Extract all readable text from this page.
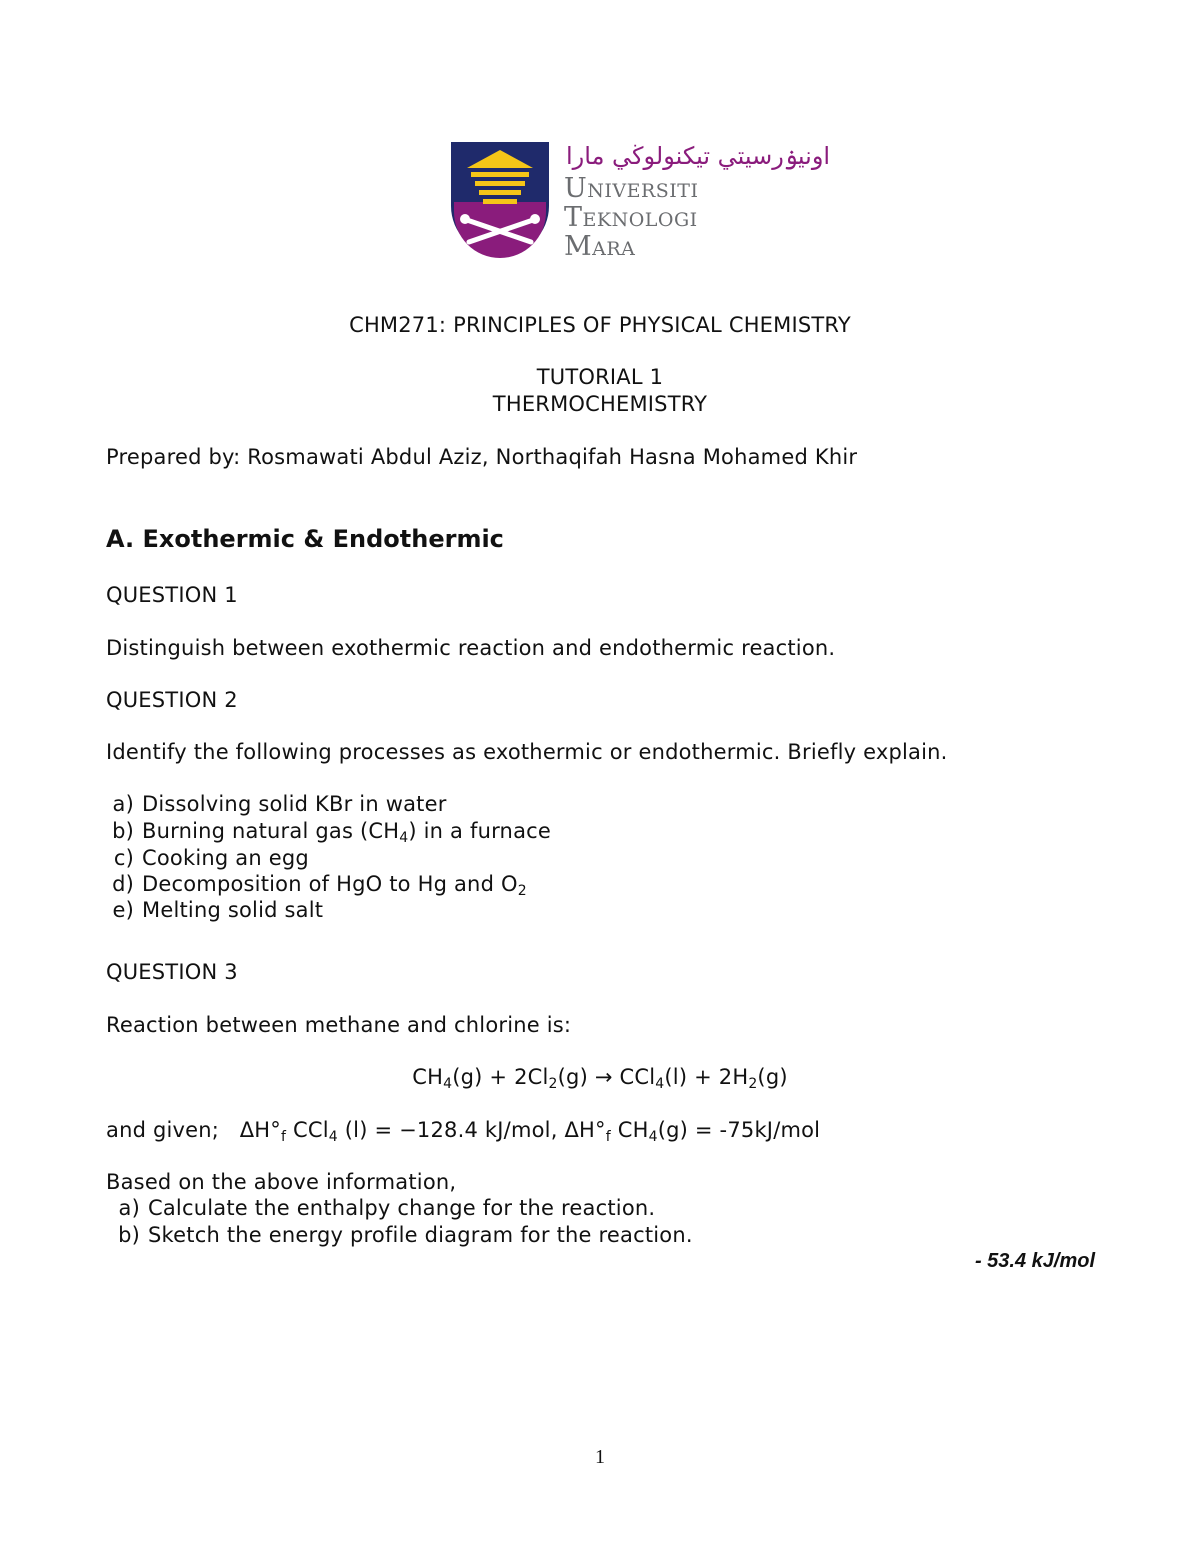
اونيۏرسيتي تيكنولوڬي مارا
Universiti
Teknologi
Mara
CHM271: PRINCIPLES OF PHYSICAL CHEMISTRY
TUTORIAL 1
THERMOCHEMISTRY
Prepared by: Rosmawati Abdul Aziz, Northaqifah Hasna Mohamed Khir
A. Exothermic & Endothermic
QUESTION 1
Distinguish between exothermic reaction and endothermic reaction.
QUESTION 2
Identify the following processes as exothermic or endothermic. Briefly explain.
a) Dissolving solid KBr in water
b) Burning natural gas $(CH_4)$ in a furnace
c) Cooking an egg
d) Decomposition of HgO to Hg and $O_2$
e) Melting solid salt
QUESTION 3
Reaction between methane and chlorine is:
$CH_4(g) + 2Cl_2(g) \to CCl_4(l) + 2H_2(g)$
and given; $\Delta H^\circ_f$ CCl$_4$ (l) = −128.4 kJ/mol, $\Delta H^\circ_f$ $CH_4(g) = -75kJ/mol$
Based on the above information,
a) Calculate the enthalpy change for the reaction.
b) Sketch the energy profile diagram for the reaction.
- 53.4 kJ/mol
1
